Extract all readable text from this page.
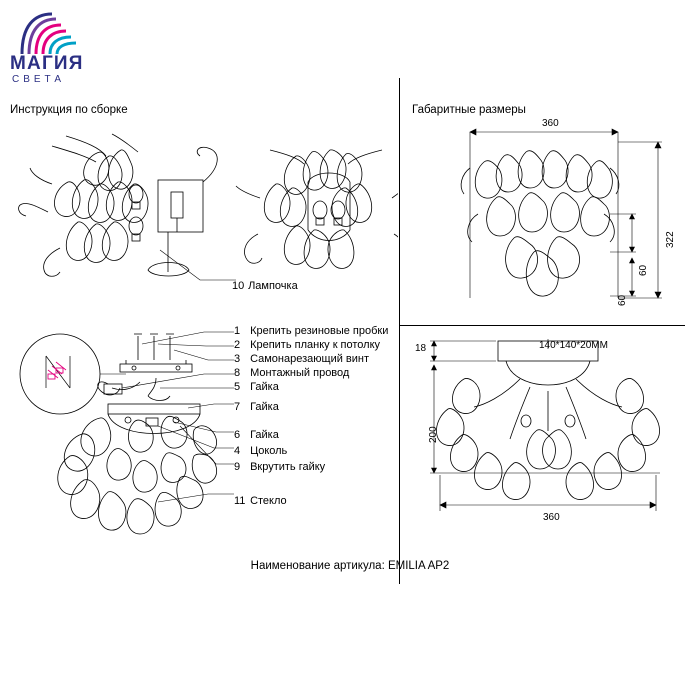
МАГИЯ
СВЕТА
Инструкция по сборке	Габаритные размеры
10 Лампочка
1 Крепить резиновые пробки
2 Крепить планку к потолку
3 Самонарезающий винт
8 Монтажный провод
5 Гайка
7 Гайка
6 Гайка
4 Цоколь
9 Вкрутить гайку
11 Стекло
360
322
60
60
18	140*140*20ММ
200
360
Наименование артикула: EMILIA AP2
